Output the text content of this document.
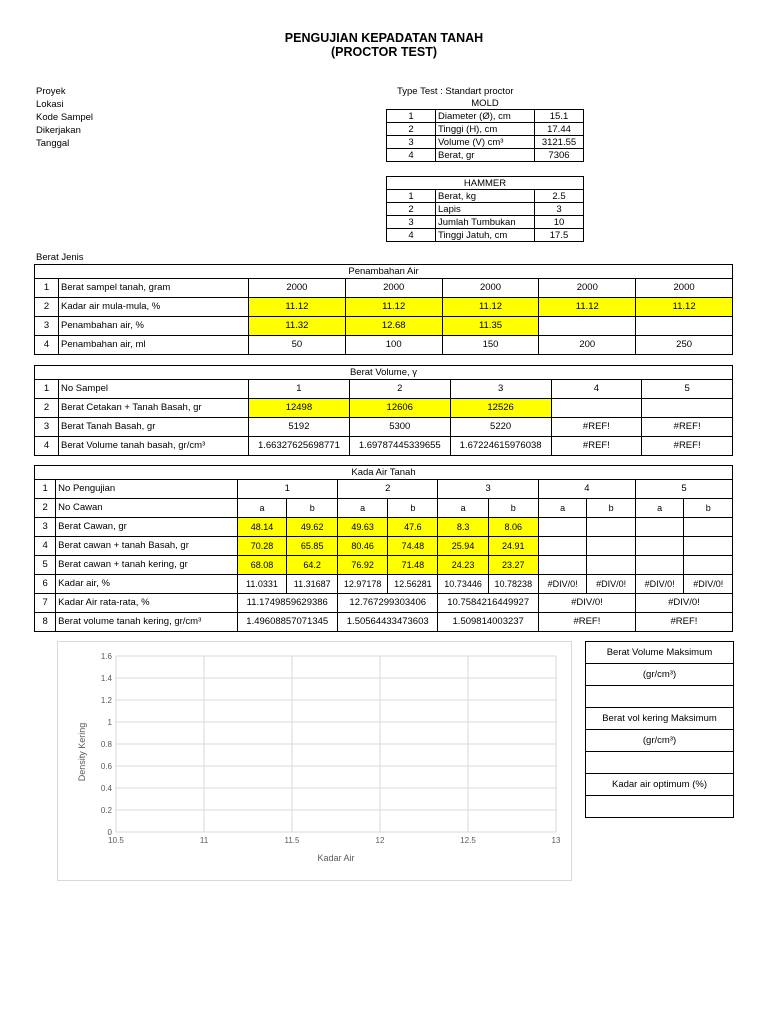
PENGUJIAN KEPADATAN TANAH
(PROCTOR TEST)
Proyek
Lokasi
Kode Sampel
Dikerjakan
Tanggal
Type Test : Standart proctor
MOLD		
1	Diameter (Ø), cm	15.1
2	Tinggi (H), cm	17.44
3	Volume (V) cm³	3121.55
4	Berat, gr	7306
HAMMER		
1	Berat, kg	2.5
2	Lapis	3
3	Jumlah Tumbukan	10
4	Tinggi Jatuh, cm	17.5
Berat Jenis
Penambahan Air						
1	Berat sampel tanah, gram	2000	2000	2000	2000	2000
2	Kadar air mula-mula, %	11.12	11.12	11.12	11.12	11.12
3	Penambahan air, %	11.32	12.68	11.35		
4	Penambahan air, ml	50	100	150	200	250
Berat Volume, γ						
1	No Sampel	1	2	3	4	5
2	Berat Cetakan + Tanah Basah, gr	12498	12606	12526		
3	Berat Tanah Basah, gr	5192	5300	5220	#REF!	#REF!
4	Berat Volume tanah basah, gr/cm³	1.66327625698771	1.69787445339655	1.67224615976038	#REF!	#REF!
Kada Air Tanah											
1	No Pengujian	1		2		3		4		5	
2	No Cawan	a	b	a	b	a	b	a	b	a	b
3	Berat Cawan, gr	48.14	49.62	49.63	47.6	8.3	8.06				
4	Berat cawan + tanah Basah, gr	70.28	65.85	80.46	74.48	25.94	24.91				
5	Berat cawan + tanah kering, gr	68.08	64.2	76.92	71.48	24.23	23.27				
6	Kadar air, %	11.0331	11.31687	12.97178	12.56281	10.73446	10.78238	#DIV/0!	#DIV/0!	#DIV/0!	#DIV/0!
7	Kadar Air rata-rata, %	11.1749859629386		12.767299303406		10.7584216449927		#DIV/0!		#DIV/0!	
8	Berat volume tanah kering, gr/cm³	1.49608857071345		1.50564433473603		1.509814003237		#REF!		#REF!	
0
0.2
0.4
0.6
0.8
1
1.2
1.4
1.6
10.5	11	11.5	12	12.5	13
Kadar Air
Density Kering
Berat Volume Maksimum
(gr/cm³)

Berat vol kering Maksimum
(gr/cm³)

Kadar air optimum (%)
